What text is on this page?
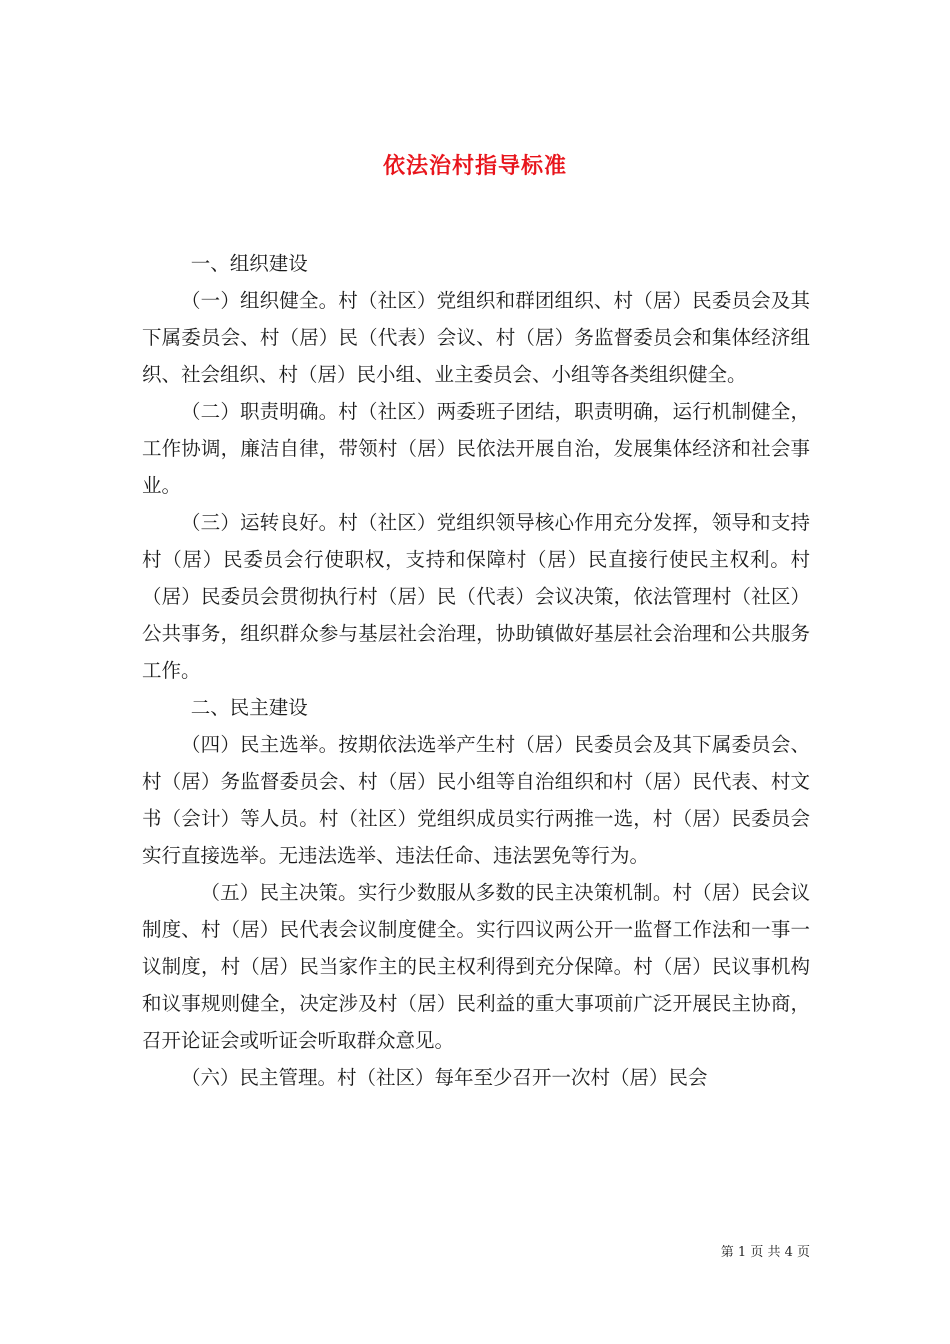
依法治村指导标准

一、组织建设

（一）组织健全。村（社区）党组织和群团组织、村（居）民委员会及其下属委员会、村（居）民（代表）会议、村（居）务监督委员会和集体经济组织、社会组织、村（居）民小组、业主委员会、小组等各类组织健全。

（二）职责明确。村（社区）两委班子团结，职责明确，运行机制健全，工作协调，廉洁自律，带领村（居）民依法开展自治，发展集体经济和社会事业。

（三）运转良好。村（社区）党组织领导核心作用充分发挥，领导和支持村（居）民委员会行使职权，支持和保障村（居）民直接行使民主权利。村（居）民委员会贯彻执行村（居）民（代表）会议决策，依法管理村（社区）公共事务，组织群众参与基层社会治理，协助镇做好基层社会治理和公共服务工作。

二、民主建设

（四）民主选举。按期依法选举产生村（居）民委员会及其下属委员会、村（居）务监督委员会、村（居）民小组等自治组织和村（居）民代表、村文书（会计）等人员。村（社区）党组织成员实行两推一选，村（居）民委员会实行直接选举。无违法选举、违法任命、违法罢免等行为。

（五）民主决策。实行少数服从多数的民主决策机制。村（居）民会议制度、村（居）民代表会议制度健全。实行四议两公开一监督工作法和一事一议制度，村（居）民当家作主的民主权利得到充分保障。村（居）民议事机构和议事规则健全，决定涉及村（居）民利益的重大事项前广泛开展民主协商，召开论证会或听证会听取群众意见。

（六）民主管理。村（社区）每年至少召开一次村（居）民会

第 1 页 共 4 页
